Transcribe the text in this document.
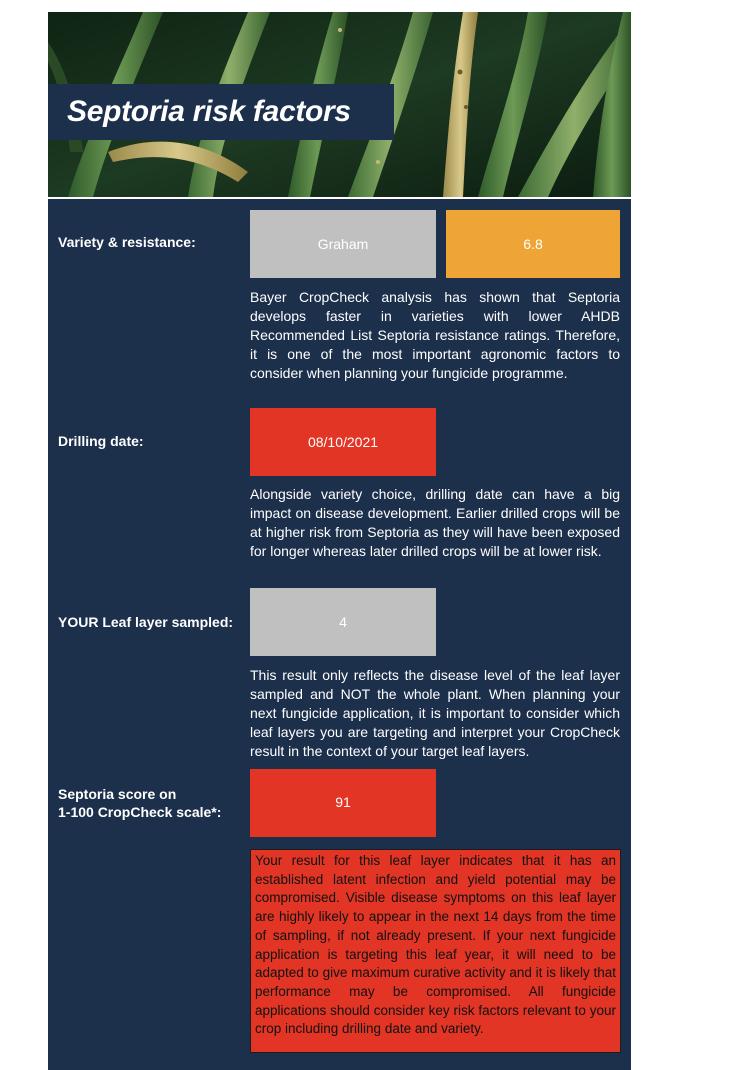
Septoria risk factors
Variety & resistance:	Graham	6.8

Bayer CropCheck analysis has shown that Septoria develops faster in varieties with lower AHDB Recommended List Septoria resistance ratings. Therefore, it is one of the most important agronomic factors to consider when planning your fungicide programme.

Drilling date:	08/10/2021

Alongside variety choice, drilling date can have a big impact on disease development. Earlier drilled crops will be at higher risk from Septoria as they will have been exposed for longer whereas later drilled crops will be at lower risk.

YOUR Leaf layer sampled:	4

This result only reflects the disease level of the leaf layer sampled and NOT the whole plant. When planning your next fungicide application, it is important to consider which leaf layers you are targeting and interpret your CropCheck result in the context of your target leaf layers.

Septoria score on
1-100 CropCheck scale*:
91

Your result for this leaf layer indicates that it has an established latent infection and yield potential may be compromised. Visible disease symptoms on this leaf layer are highly likely to appear in the next 14 days from the time of sampling, if not already present. If your next fungicide application is targeting this leaf year, it will need to be adapted to give maximum curative activity and it is likely that performance may be compromised. All fungicide applications should consider key risk factors relevant to your crop including drilling date and variety.
